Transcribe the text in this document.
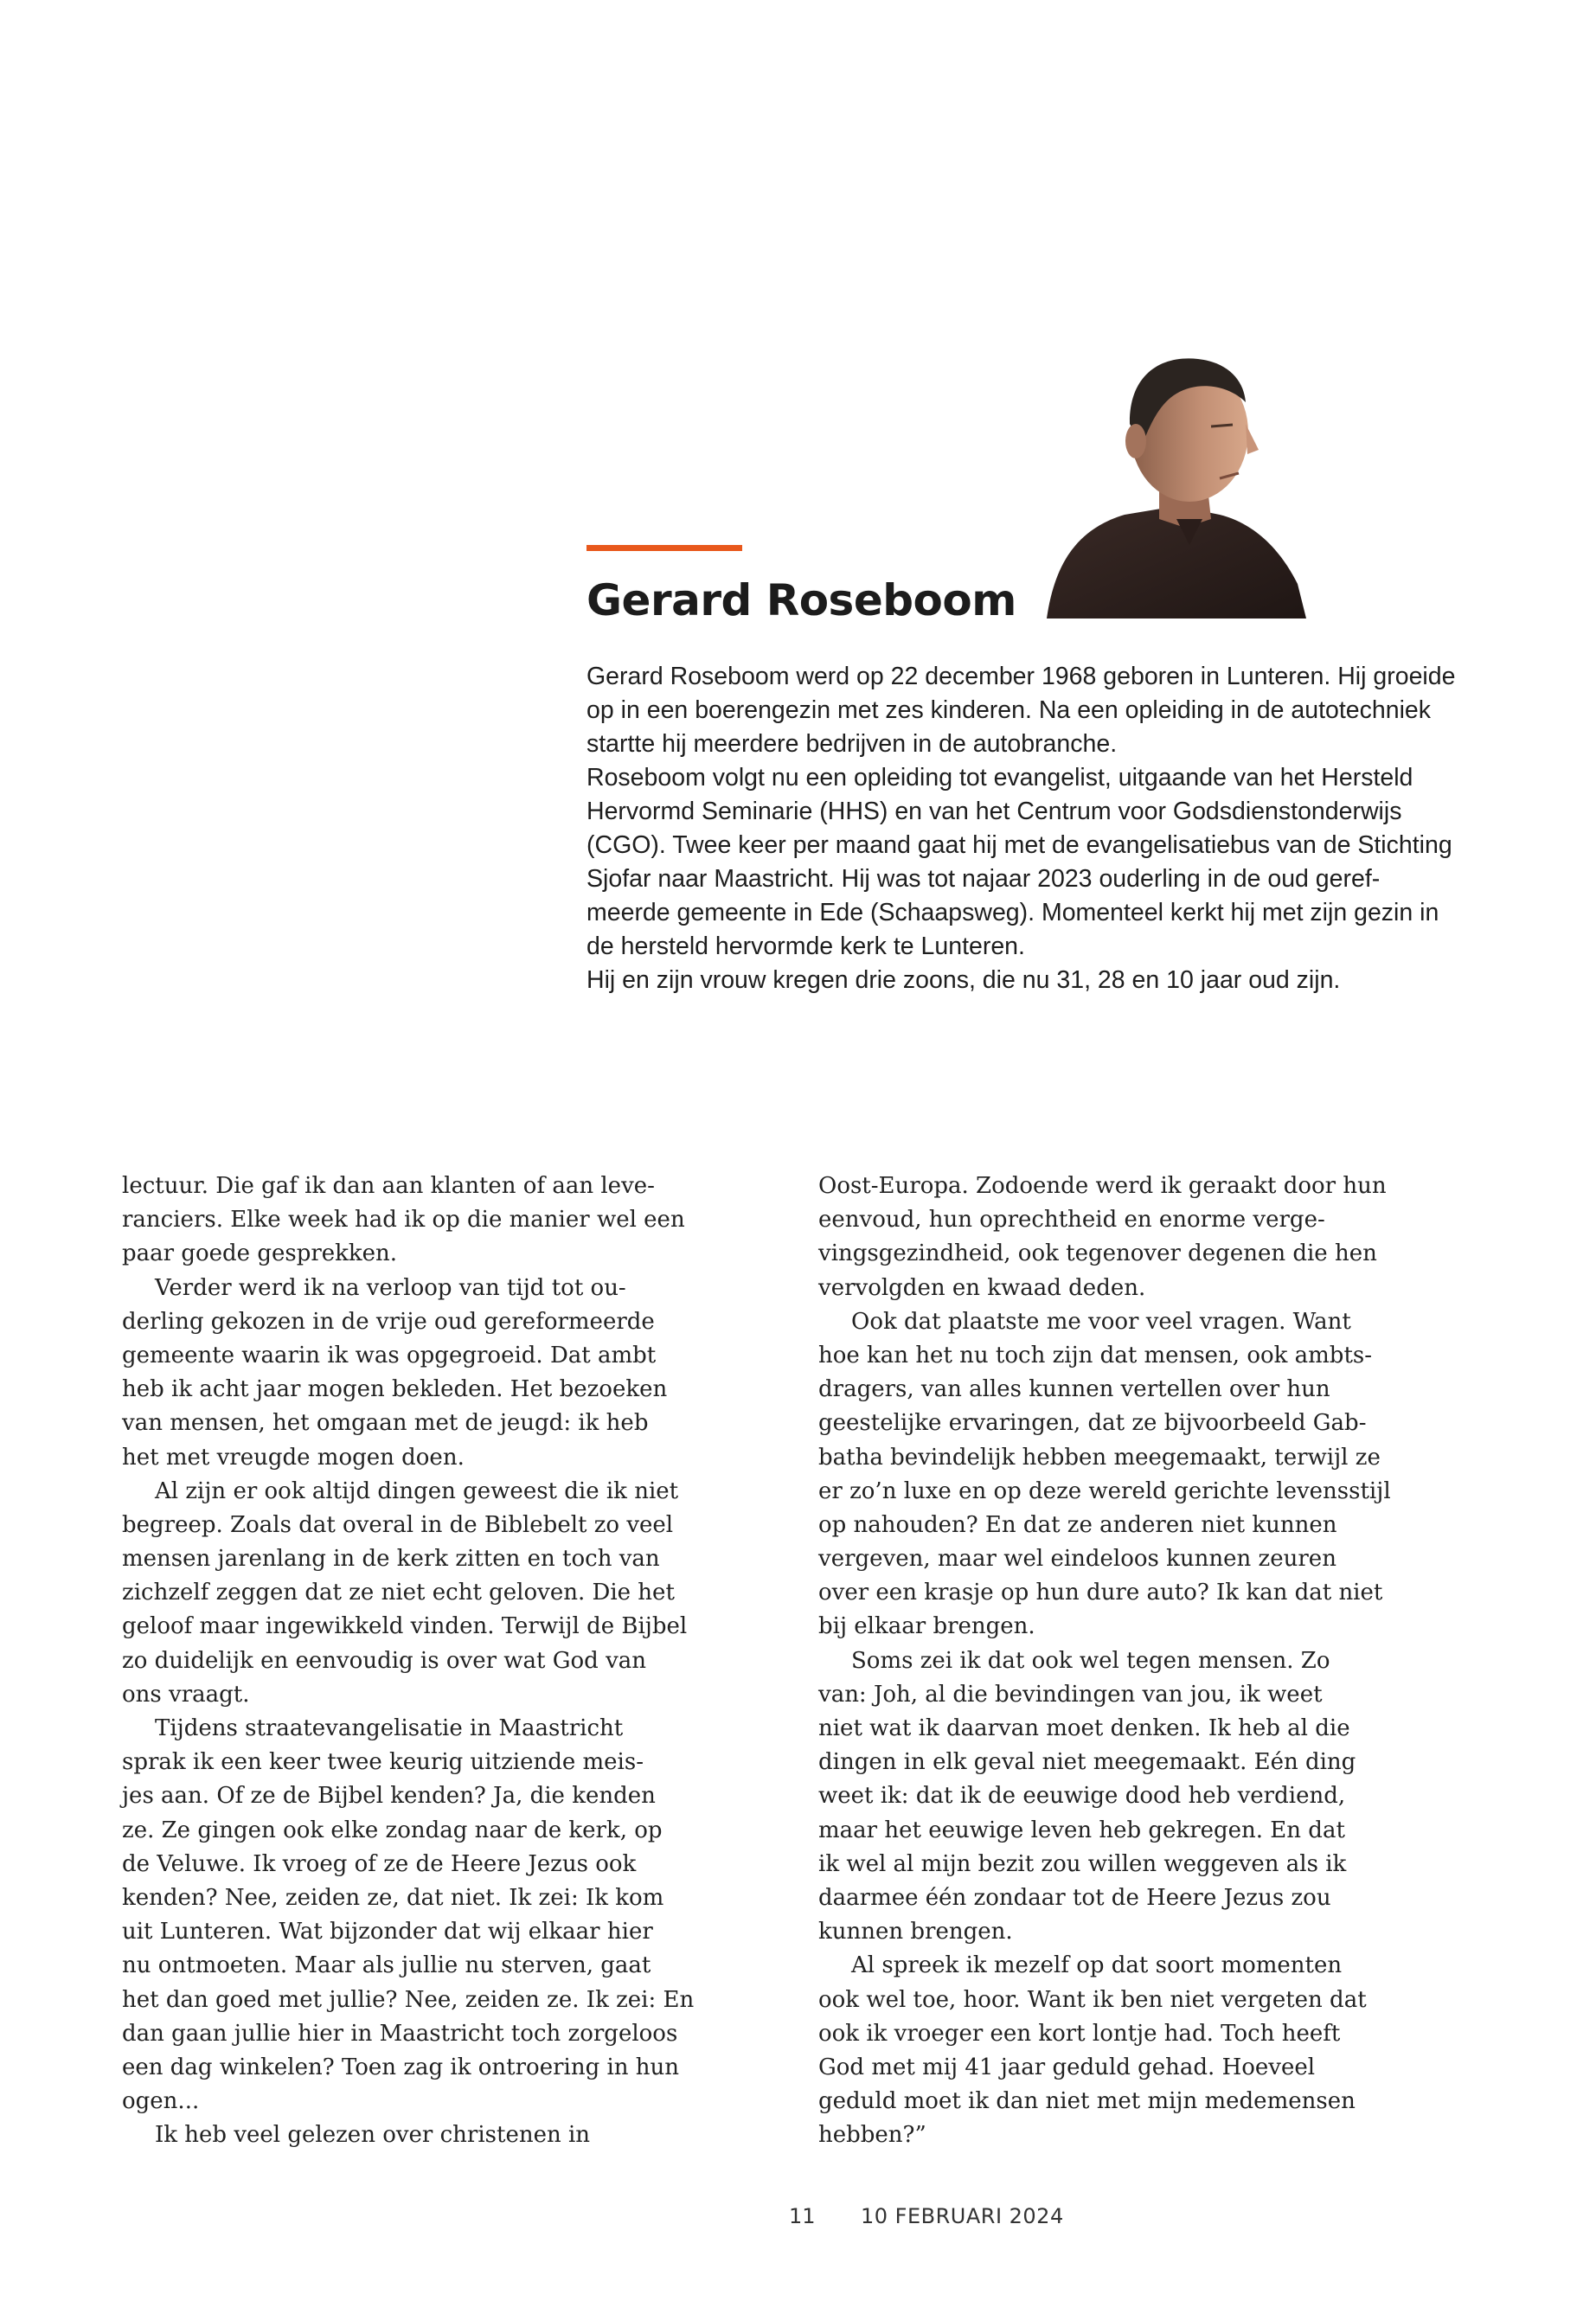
Gerard Roseboom

Gerard Roseboom werd op 22 december 1968 geboren in Lunteren. Hij groeide

op in een boerengezin met zes kinderen. Na een opleiding in de autotechniek

startte hij meerdere bedrijven in de autobranche.

Roseboom volgt nu een opleiding tot evangelist, uitgaande van het Hersteld

Hervormd Seminarie (HHS) en van het Centrum voor Godsdienstonderwijs

(CGO). Twee keer per maand gaat hij met de evangelisatiebus van de Stichting

Sjofar naar Maastricht. Hij was tot najaar 2023 ouderling in de oud geref-

meerde gemeente in Ede (Schaapsweg). Momenteel kerkt hij met zijn gezin in

de hersteld hervormde kerk te Lunteren.

Hij en zijn vrouw kregen drie zoons, die nu 31, 28 en 10 jaar oud zijn.

lectuur. Die gaf ik dan aan klanten of aan leve-
ranciers. Elke week had ik op die manier wel een
paar goede gesprekken.
Verder werd ik na verloop van tijd tot ou-
derling gekozen in de vrije oud gereformeerde
gemeente waarin ik was opgegroeid. Dat ambt
heb ik acht jaar mogen bekleden. Het bezoeken
van mensen, het omgaan met de jeugd: ik heb
het met vreugde mogen doen.
Al zijn er ook altijd dingen geweest die ik niet
begreep. Zoals dat overal in de Biblebelt zo veel
mensen jarenlang in de kerk zitten en toch van
zichzelf zeggen dat ze niet echt geloven. Die het
geloof maar ingewikkeld vinden. Terwijl de Bijbel
zo duidelijk en eenvoudig is over wat God van
ons vraagt.
Tijdens straatevangelisatie in Maastricht
sprak ik een keer twee keurig uitziende meis-
jes aan. Of ze de Bijbel kenden? Ja, die kenden
ze. Ze gingen ook elke zondag naar de kerk, op
de Veluwe. Ik vroeg of ze de Heere Jezus ook
kenden? Nee, zeiden ze, dat niet. Ik zei: Ik kom
uit Lunteren. Wat bijzonder dat wij elkaar hier
nu ontmoeten. Maar als jullie nu sterven, gaat
het dan goed met jullie? Nee, zeiden ze. Ik zei: En
dan gaan jullie hier in Maastricht toch zorgeloos
een dag winkelen? Toen zag ik ontroering in hun
ogen...
Ik heb veel gelezen over christenen in
Oost-Europa. Zodoende werd ik geraakt door hun
eenvoud, hun oprechtheid en enorme verge-
vingsgezindheid, ook tegenover degenen die hen
vervolgden en kwaad deden.
Ook dat plaatste me voor veel vragen. Want
hoe kan het nu toch zijn dat mensen, ook ambts-
dragers, van alles kunnen vertellen over hun
geestelijke ervaringen, dat ze bijvoorbeeld Gab-
batha bevindelijk hebben meegemaakt, terwijl ze
er zo’n luxe en op deze wereld gerichte levensstijl
op nahouden? En dat ze anderen niet kunnen
vergeven, maar wel eindeloos kunnen zeuren
over een krasje op hun dure auto? Ik kan dat niet
bij elkaar brengen.
Soms zei ik dat ook wel tegen mensen. Zo
van: Joh, al die bevindingen van jou, ik weet
niet wat ik daarvan moet denken. Ik heb al die
dingen in elk geval niet meegemaakt. Eén ding
weet ik: dat ik de eeuwige dood heb verdiend,
maar het eeuwige leven heb gekregen. En dat
ik wel al mijn bezit zou willen weggeven als ik
daarmee één zondaar tot de Heere Jezus zou
kunnen brengen.
Al spreek ik mezelf op dat soort momenten
ook wel toe, hoor. Want ik ben niet vergeten dat
ook ik vroeger een kort lontje had. Toch heeft
God met mij 41 jaar geduld gehad. Hoeveel
geduld moet ik dan niet met mijn medemensen
hebben?”
11 10 FEBRUARI 2024
